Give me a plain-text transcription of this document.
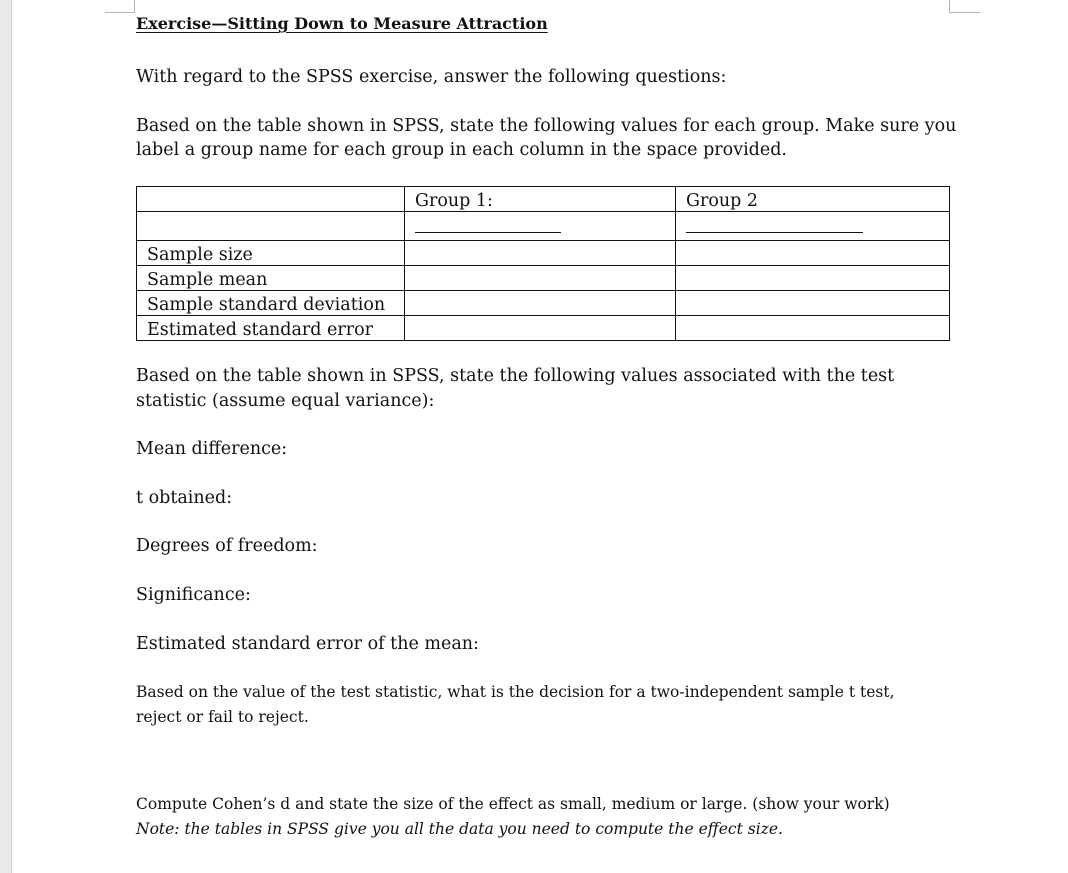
Exercise—Sitting Down to Measure Attraction
With regard to the SPSS exercise, answer the following questions:
Based on the table shown in SPSS, state the following values for each group. Make sure you
label a group name for each group in each column in the space provided.
	Group 1:	Group 2

Sample size		
Sample mean		
Sample standard deviation		
Estimated standard error		
Based on the table shown in SPSS, state the following values associated with the test
statistic (assume equal variance):
Mean difference:
t obtained:
Degrees of freedom:
Significance:
Estimated standard error of the mean:
Based on the value of the test statistic, what is the decision for a two-independent sample t test,
reject or fail to reject.
Compute Cohen’s d and state the size of the effect as small, medium or large. (show your work)
Note: the tables in SPSS give you all the data you need to compute the effect size.
